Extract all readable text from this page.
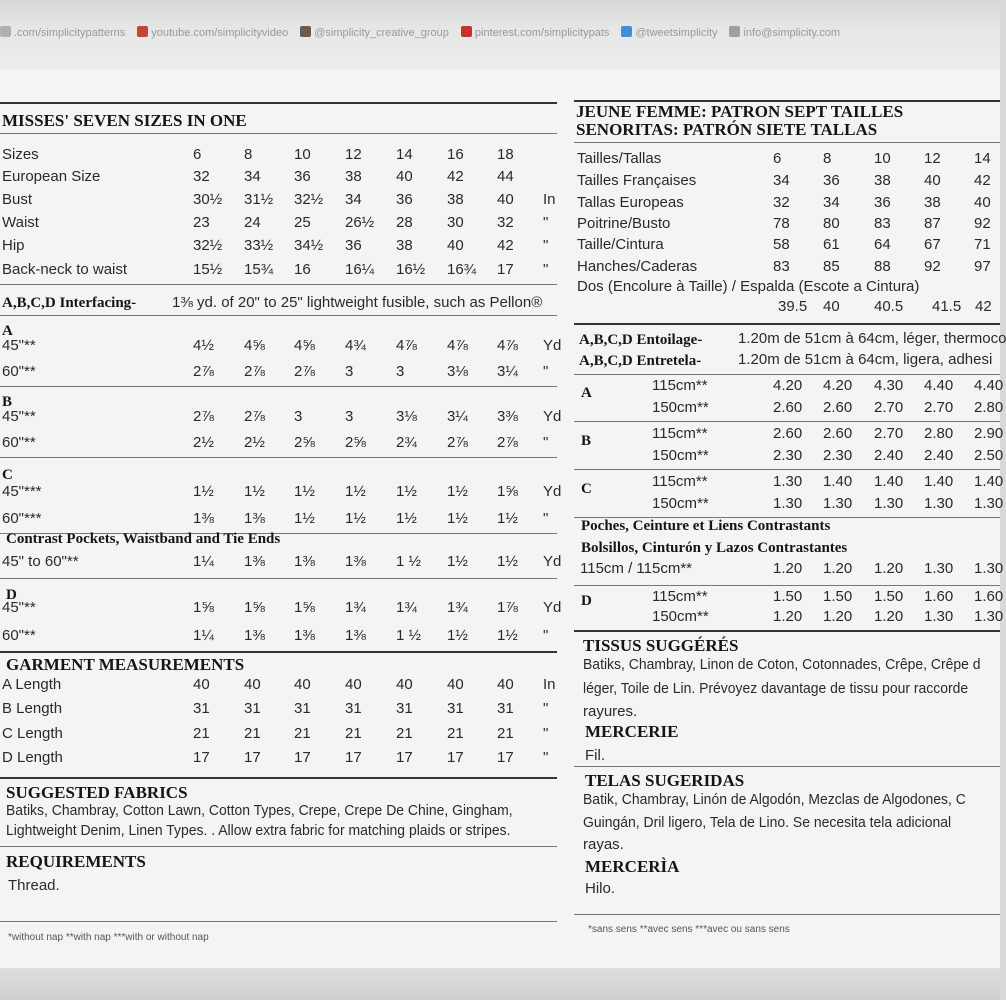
.com/simplicitypatterns youtube.com/simplicityvideo @simplicity_creative_group pinterest.com/simplicitypats @tweetsimplicity info@simplicity.com
MISSES' SEVEN SIZES IN ONE
Sizes	6	8	10 12 14 16 18
European Size	32 34 36 38 40 42 44
Bust	30½ 31½ 32½ 34 36 38 40 In
Waist	23 24 25 26½ 28 30 32 "
Hip	32½ 33½ 34½ 36 38 40 42 "
Back-neck to waist	15½ 15¾ 16 16¼ 16½ 16¾ 17 "
A,B,C,D Interfacing- 1⅜ yd. of 20" to 25" lightweight fusible, such as Pellon®
A
45"**	4½ 4⅝ 4⅝ 4¾ 4⅞ 4⅞ 4⅞ Yd
60"**	2⅞ 2⅞ 2⅞ 3	3	3⅛ 3¼ "
B
45"**	2⅞ 2⅞ 3	3	3⅛ 3¼ 3⅜ Yd
60"**	2½ 2½ 2⅝ 2⅝ 2¾ 2⅞ 2⅞ "
C
45"***	1½ 1½ 1½ 1½ 1½ 1½ 1⅝ Yd
60"***	1⅜ 1⅜ 1½ 1½ 1½ 1½ 1½ "
Contrast Pockets, Waistband and Tie Ends
45" to 60"**	1¼ 1⅜ 1⅜ 1⅜ 1 ½ 1½ 1½ Yd
D
45"**	1⅝ 1⅝ 1⅝ 1¾ 1¾ 1¾ 1⅞ Yd
60"**	1¼ 1⅜ 1⅜ 1⅜ 1 ½ 1½ 1½ "
GARMENT MEASUREMENTS
A Length	40 40 40 40 40 40 40 In
B Length	31 31 31 31 31 31 31 "
C Length	21 21 21 21 21 21 21 "
D Length	17 17 17 17 17 17 17 "
SUGGESTED FABRICS
Batiks, Chambray, Cotton Lawn, Cotton Types, Crepe, Crepe De Chine, Gingham,
Lightweight Denim, Linen Types. . Allow extra fabric for matching plaids or stripes.
REQUIREMENTS
Thread.
*without nap **with nap ***with or without nap
JEUNE FEMME: PATRON SEPT TAILLES
SENORITAS: PATRÓN SIETE TALLAS
Tailles/Tallas	6	8	10 12 14
Tailles Françaises	34 36 38 40 42
Tallas Europeas	32 34 36 38 40
Poitrine/Busto	78 80 83 87 92
Taille/Cintura	58 61 64 67 71
Hanches/Caderas	83 85 88 92 97
Dos (Encolure à Taille) / Espalda (Escote a Cintura)
39.5 40 40.5 41.5 42
A,B,C,D Entoilage- 1.20m de 51cm à 64cm, léger, thermoco
A,B,C,D Entretela- 1.20m de 51cm à 64cm, ligera, adhesi
A	115cm**	4.20 4.20 4.30 4.40 4.40
150cm**	2.60 2.60 2.70 2.70 2.80
B	115cm**	2.60 2.60 2.70 2.80 2.90
150cm**	2.30 2.30 2.40 2.40 2.50
C	115cm**	1.30 1.40 1.40 1.40 1.40
150cm**	1.30 1.30 1.30 1.30 1.30
Poches, Ceinture et Liens Contrastants
Bolsillos, Cinturón y Lazos Contrastantes
115cm / 115cm**	1.20 1.20 1.20 1.30 1.30
D	115cm**	1.50 1.50 1.50 1.60 1.60
150cm**	1.20 1.20 1.20 1.30 1.30
TISSUS SUGGÉRÉS
Batiks, Chambray, Linon de Coton, Cotonnades, Crêpe, Crêpe d
léger, Toile de Lin. Prévoyez davantage de tissu pour raccorde
rayures.
MERCERIE
Fil.
TELAS SUGERIDAS
Batik, Chambray, Linón de Algodón, Mezclas de Algodones, C
Guingán, Dril ligero, Tela de Lino. Se necesita tela adicional
rayas.
MERCERÌA
Hilo.
*sans sens **avec sens ***avec ou sans sens
